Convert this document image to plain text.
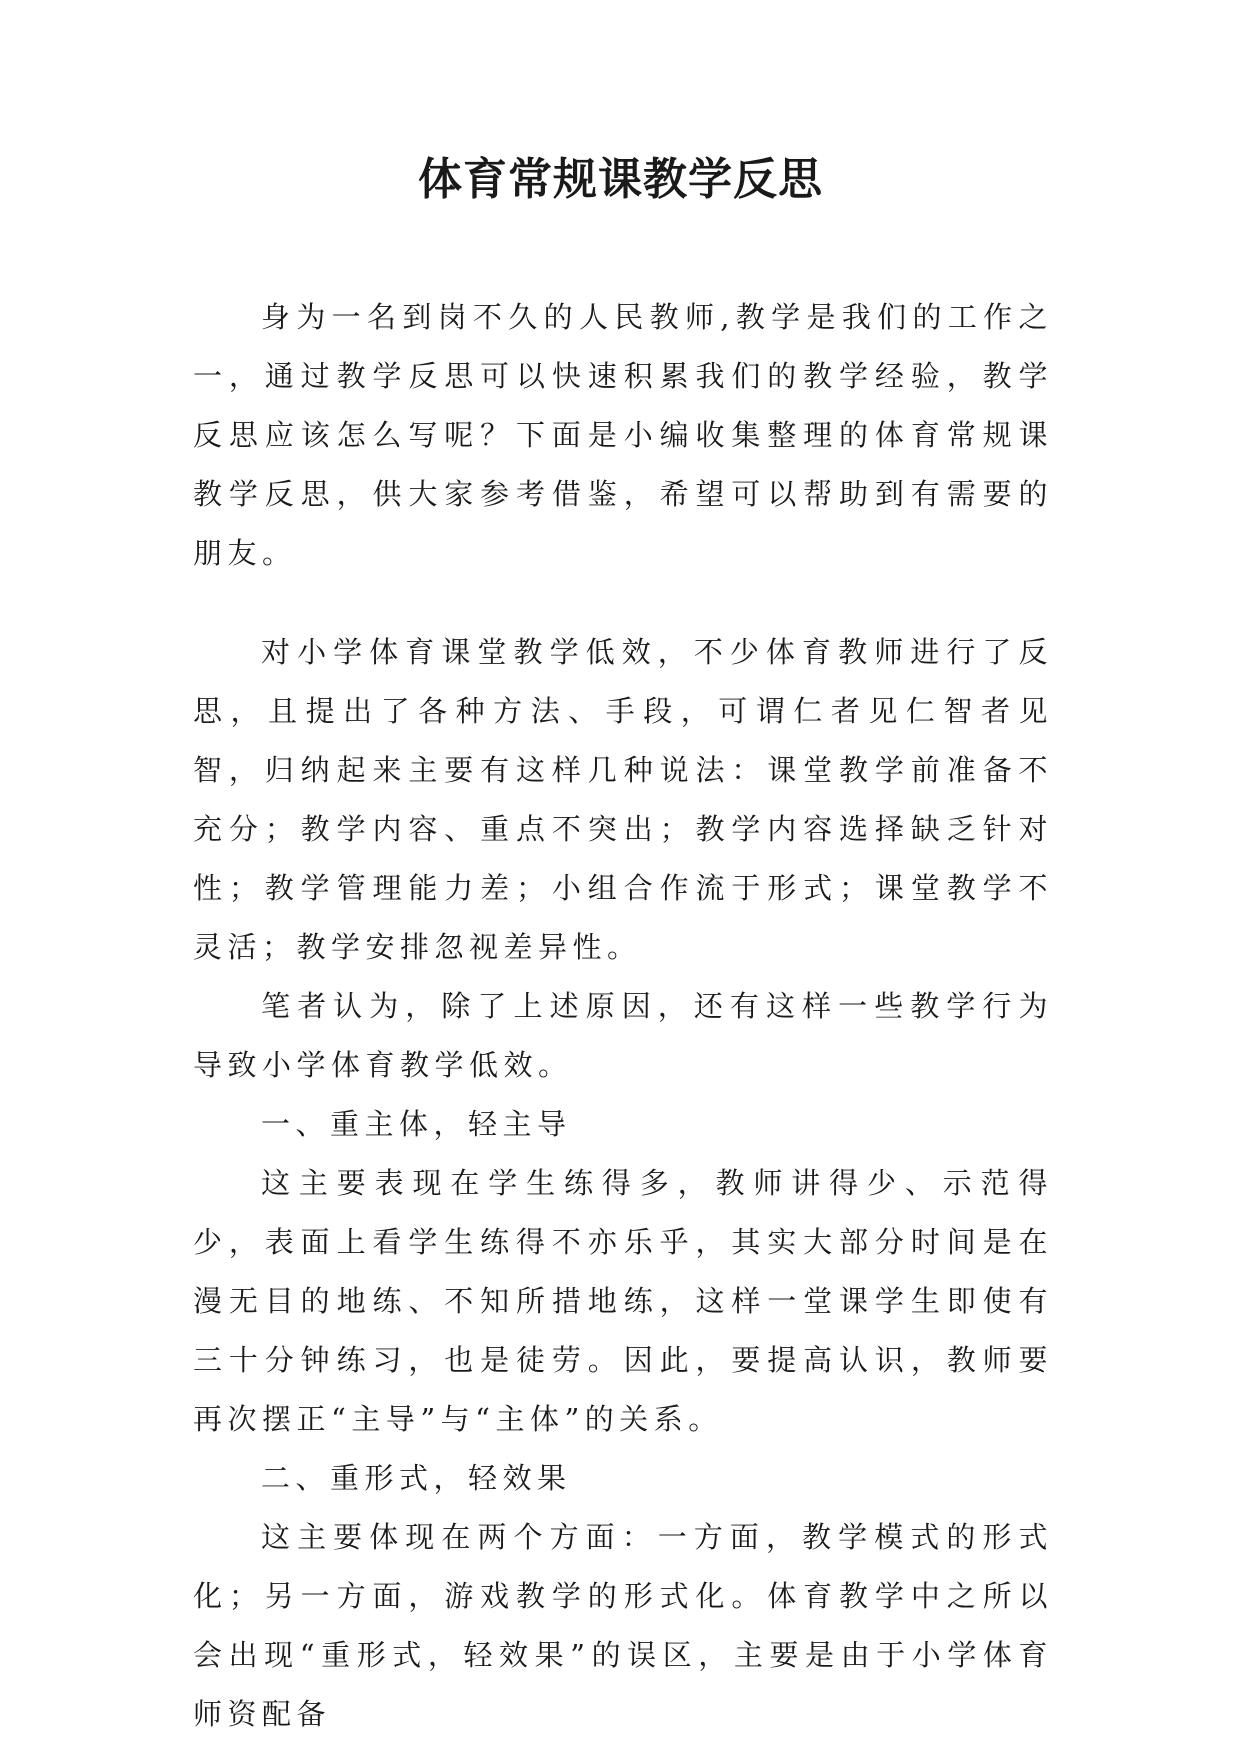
体育常规课教学反思

身为一名到岗不久的人民教师,教学是我们的工作之一，通过教学反思可以快速积累我们的教学经验，教学反思应该怎么写呢？下面是小编收集整理的体育常规课教学反思，供大家参考借鉴，希望可以帮助到有需要的朋友。

对小学体育课堂教学低效，不少体育教师进行了反思，且提出了各种方法、手段，可谓仁者见仁智者见智，归纳起来主要有这样几种说法：课堂教学前准备不充分；教学内容、重点不突出；教学内容选择缺乏针对性；教学管理能力差；小组合作流于形式；课堂教学不灵活；教学安排忽视差异性。

笔者认为，除了上述原因，还有这样一些教学行为导致小学体育教学低效。

一、重主体，轻主导

这主要表现在学生练得多，教师讲得少、示范得少，表面上看学生练得不亦乐乎，其实大部分时间是在漫无目的地练、不知所措地练，这样一堂课学生即使有三十分钟练习，也是徒劳。因此，要提高认识，教师要再次摆正“主导”与“主体”的关系。

二、重形式，轻效果

这主要体现在两个方面：一方面，教学模式的形式化；另一方面，游戏教学的形式化。体育教学中之所以会出现“重形式，轻效果”的误区，主要是由于小学体育师资配备
